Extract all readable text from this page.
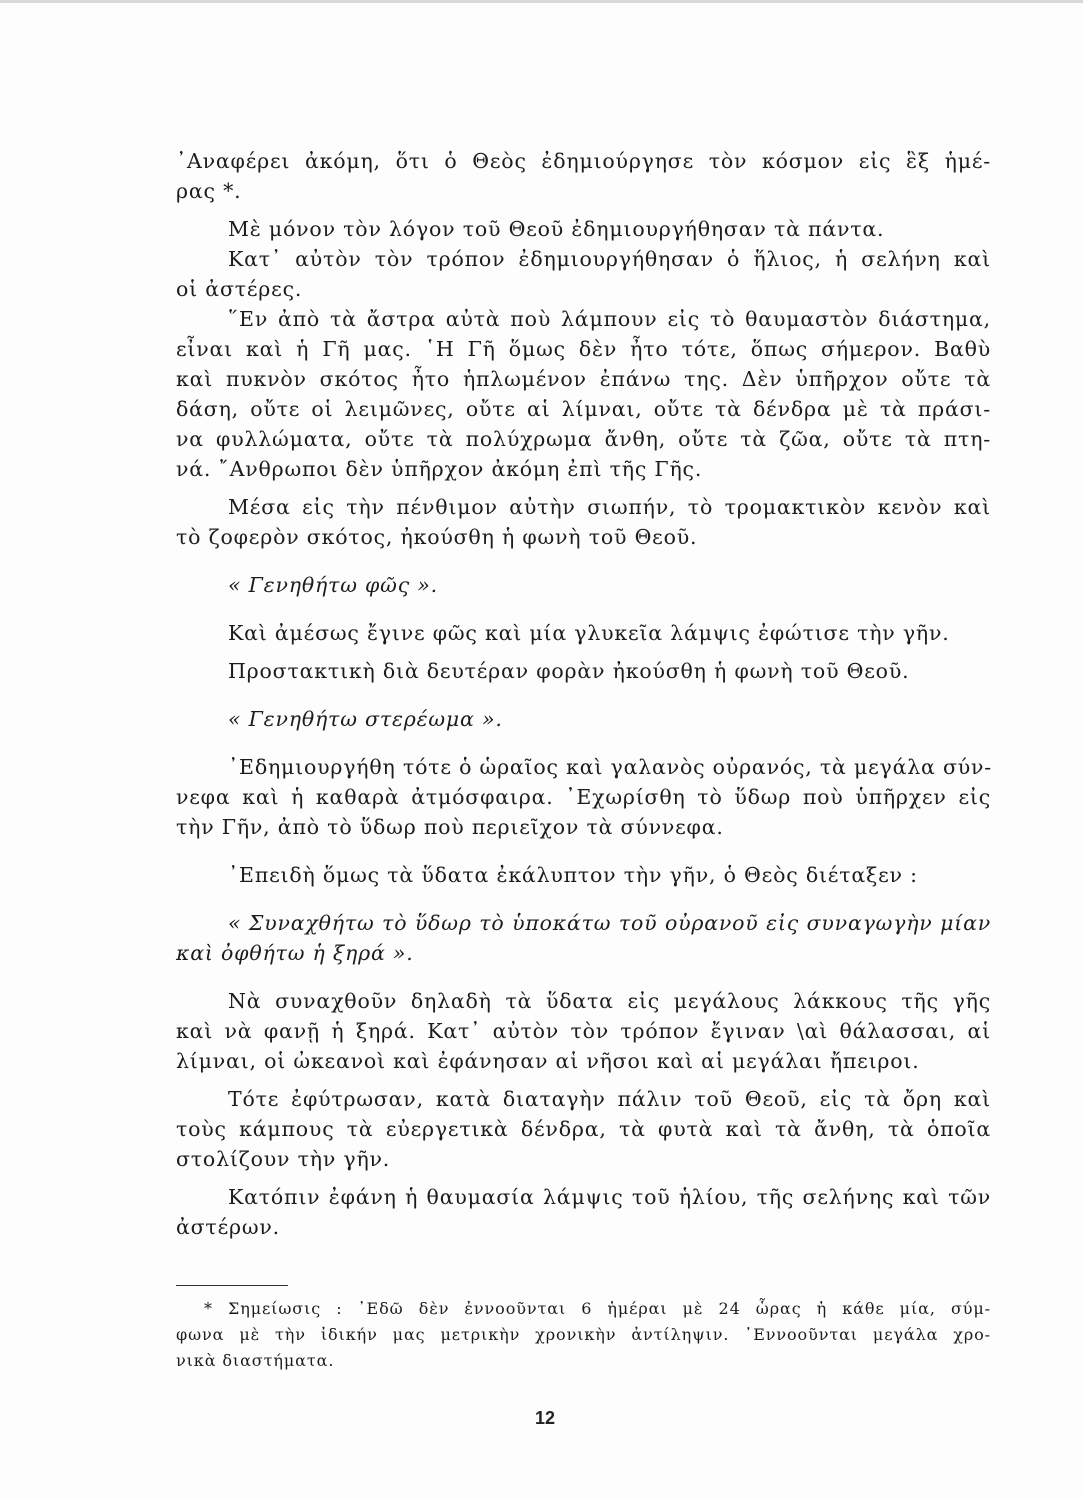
᾿Αναφέρει ἀκόμη, ὅτι ὁ Θεὸς ἐδημιούργησε τὸν κόσμον εἰς ἓξ ἡμέ-
ρας *.
Μὲ μόνον τὸν λόγον τοῦ Θεοῦ ἐδημιουργήθησαν τὰ πάντα.
Κατ᾿ αὐτὸν τὸν τρόπον ἐδημιουργήθησαν ὁ ἥλιος, ἡ σελήνη καὶ
οἱ ἀστέρες.
῞Εν ἀπὸ τὰ ἄστρα αὐτὰ ποὺ λάμπουν εἰς τὸ θαυμαστὸν διάστημα,
εἶναι καὶ ἡ Γῆ μας. ῾Η Γῆ ὅμως δὲν ἦτο τότε, ὅπως σήμερον. Βαθὺ
καὶ πυκνὸν σκότος ἦτο ἡπλωμένον ἐπάνω της. Δὲν ὑπῆρχον οὔτε τὰ
δάση, οὔτε οἱ λειμῶνες, οὔτε αἱ λίμναι, οὔτε τὰ δένδρα μὲ τὰ πράσι-
να φυλλώματα, οὔτε τὰ πολύχρωμα ἄνθη, οὔτε τὰ ζῶα, οὔτε τὰ πτη-
νά. ῎Ανθρωποι δὲν ὑπῆρχον ἀκόμη ἐπὶ τῆς Γῆς.
Μέσα εἰς τὴν πένθιμον αὐτὴν σιωπήν, τὸ τρομακτικὸν κενὸν καὶ
τὸ ζοφερὸν σκότος, ἠκούσθη ἡ φωνὴ τοῦ Θεοῦ.
« Γενηθήτω φῶς ».
Καὶ ἀμέσως ἔγινε φῶς καὶ μία γλυκεῖα λάμψις ἐφώτισε τὴν γῆν.
Προστακτικὴ διὰ δευτέραν φορὰν ἠκούσθη ἡ φωνὴ τοῦ Θεοῦ.
« Γενηθήτω στερέωμα ».
᾿Εδημιουργήθη τότε ὁ ὡραῖος καὶ γαλανὸς οὐρανός, τὰ μεγάλα σύν-
νεφα καὶ ἡ καθαρὰ ἀτμόσφαιρα. ᾿Εχωρίσθη τὸ ὕδωρ ποὺ ὑπῆρχεν εἰς
τὴν Γῆν, ἀπὸ τὸ ὕδωρ ποὺ περιεῖχον τὰ σύννεφα.
᾿Επειδὴ ὅμως τὰ ὕδατα ἐκάλυπτον τὴν γῆν, ὁ Θεὸς διέταξεν :
« Συναχθήτω τὸ ὕδωρ τὸ ὑποκάτω τοῦ οὐρανοῦ εἰς συναγωγὴν μίαν
καὶ ὀφθήτω ἡ ξηρά ».
Νὰ συναχθοῦν δηλαδὴ τὰ ὕδατα εἰς μεγάλους λάκκους τῆς γῆς
καὶ νὰ φανῇ ἡ ξηρά. Κατ᾿ αὐτὸν τὸν τρόπον ἔγιναν \αὶ θάλασσαι, αἱ
λίμναι, οἱ ὠκεανοὶ καὶ ἐφάνησαν αἱ νῆσοι καὶ αἱ μεγάλαι ἤπειροι.
Τότε ἐφύτρωσαν, κατὰ διαταγὴν πάλιν τοῦ Θεοῦ, εἰς τὰ ὄρη καὶ
τοὺς κάμπους τὰ εὐεργετικὰ δένδρα, τὰ φυτὰ καὶ τὰ ἄνθη, τὰ ὁποῖα
στολίζουν τὴν γῆν.
Κατόπιν ἐφάνη ἡ θαυμασία λάμψις τοῦ ἡλίου, τῆς σελήνης καὶ τῶν
ἀστέρων.
* Σημείωσις : ᾿Εδῶ δὲν ἐννοοῦνται 6 ἡμέραι μὲ 24 ὧρας ἡ κάθε μία, σύμ-
φωνα μὲ τὴν ἰδικήν μας μετρικὴν χρονικὴν ἀντίληψιν. ᾿Εννοοῦνται μεγάλα χρο-
νικὰ διαστήματα.
12
